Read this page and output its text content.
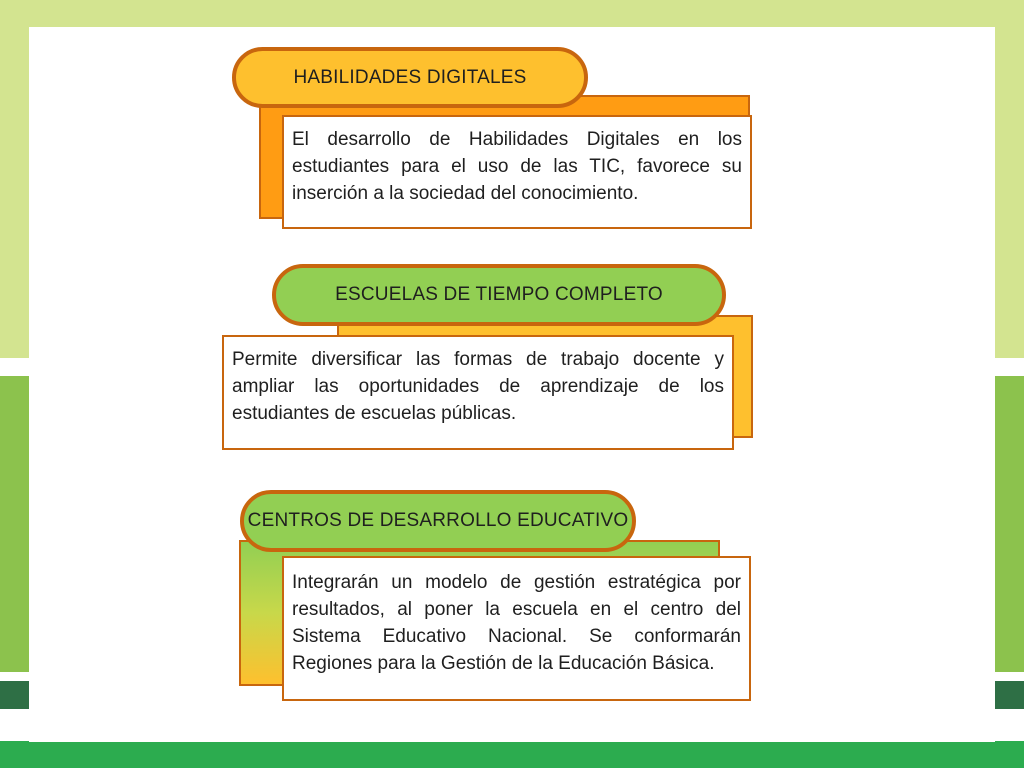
HABILIDADES DIGITALES
El desarrollo de Habilidades Digitales en los estudiantes para el uso de las TIC, favorece su inserción a la sociedad del conocimiento.
ESCUELAS DE TIEMPO COMPLETO
Permite diversificar las formas de trabajo docente y ampliar las oportunidades de aprendizaje de los estudiantes de escuelas públicas.
CENTROS DE DESARROLLO EDUCATIVO
Integrarán un modelo de gestión estratégica por resultados, al poner la escuela en el centro del Sistema Educativo Nacional. Se conformarán Regiones para la Gestión de la Educación Básica.
